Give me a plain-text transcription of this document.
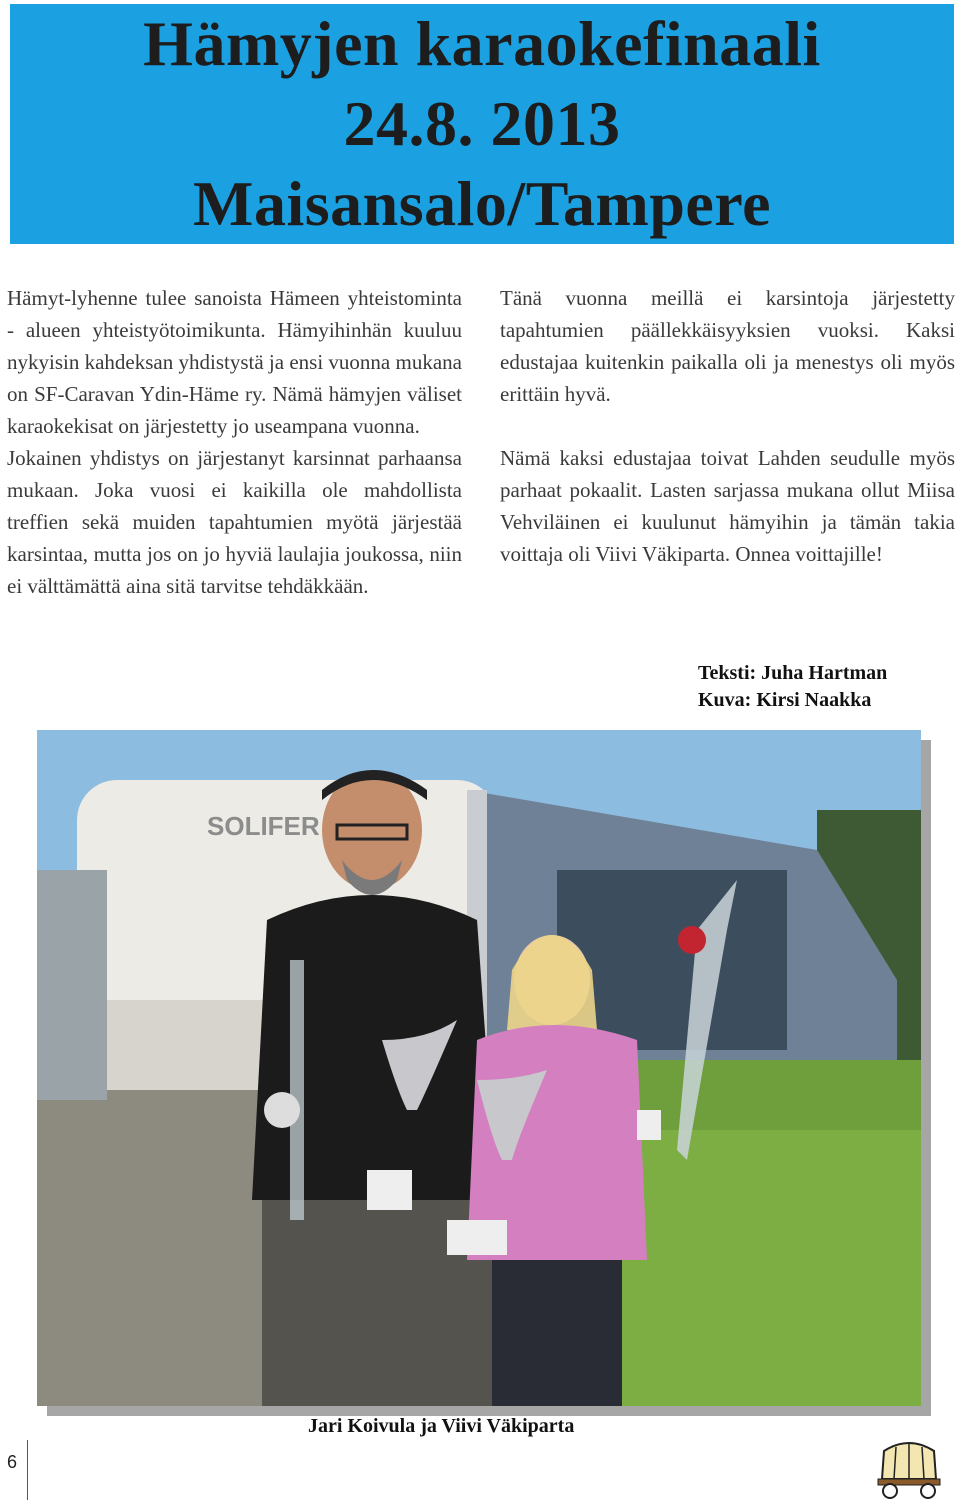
Hämyjen karaokefinaali
24.8. 2013
Maisansalo/Tampere

Hämyt-lyhenne tulee sanoista Hämeen yhteistominta - alueen yhteistyötoimikunta. Hämyihinhän kuuluu nykyisin kahdeksan yhdistystä ja ensi vuonna mukana on SF-Caravan Ydin-Häme ry. Nämä hämyjen väliset karaokekisat on järjestetty jo useampana vuonna.

Jokainen yhdistys on järjestanyt karsinnat parhaansa mukaan. Joka vuosi ei kaikilla ole mahdollista treffien sekä muiden tapahtumien myötä järjestää karsintaa, mutta jos on jo hyviä laulajia joukossa, niin ei välttämättä aina sitä tarvitse tehdäkkään.

Tänä vuonna meillä ei karsintoja järjestetty tapahtumien päällekkäisyyksien vuoksi. Kaksi edustajaa kuitenkin paikalla oli ja menestys oli myös erittäin hyvä.

Nämä kaksi edustajaa toivat Lahden seudulle myös parhaat pokaalit. Lasten sarjassa mukana ollut Miisa Vehviläinen ei kuulunut hämyihin ja tämän takia voittaja oli Viivi Väkiparta. Onnea voittajille!

Teksti: Juha Hartman
Kuva: Kirsi Naakka
SOLIFER
Jari Koivula ja Viivi Väkiparta
6
